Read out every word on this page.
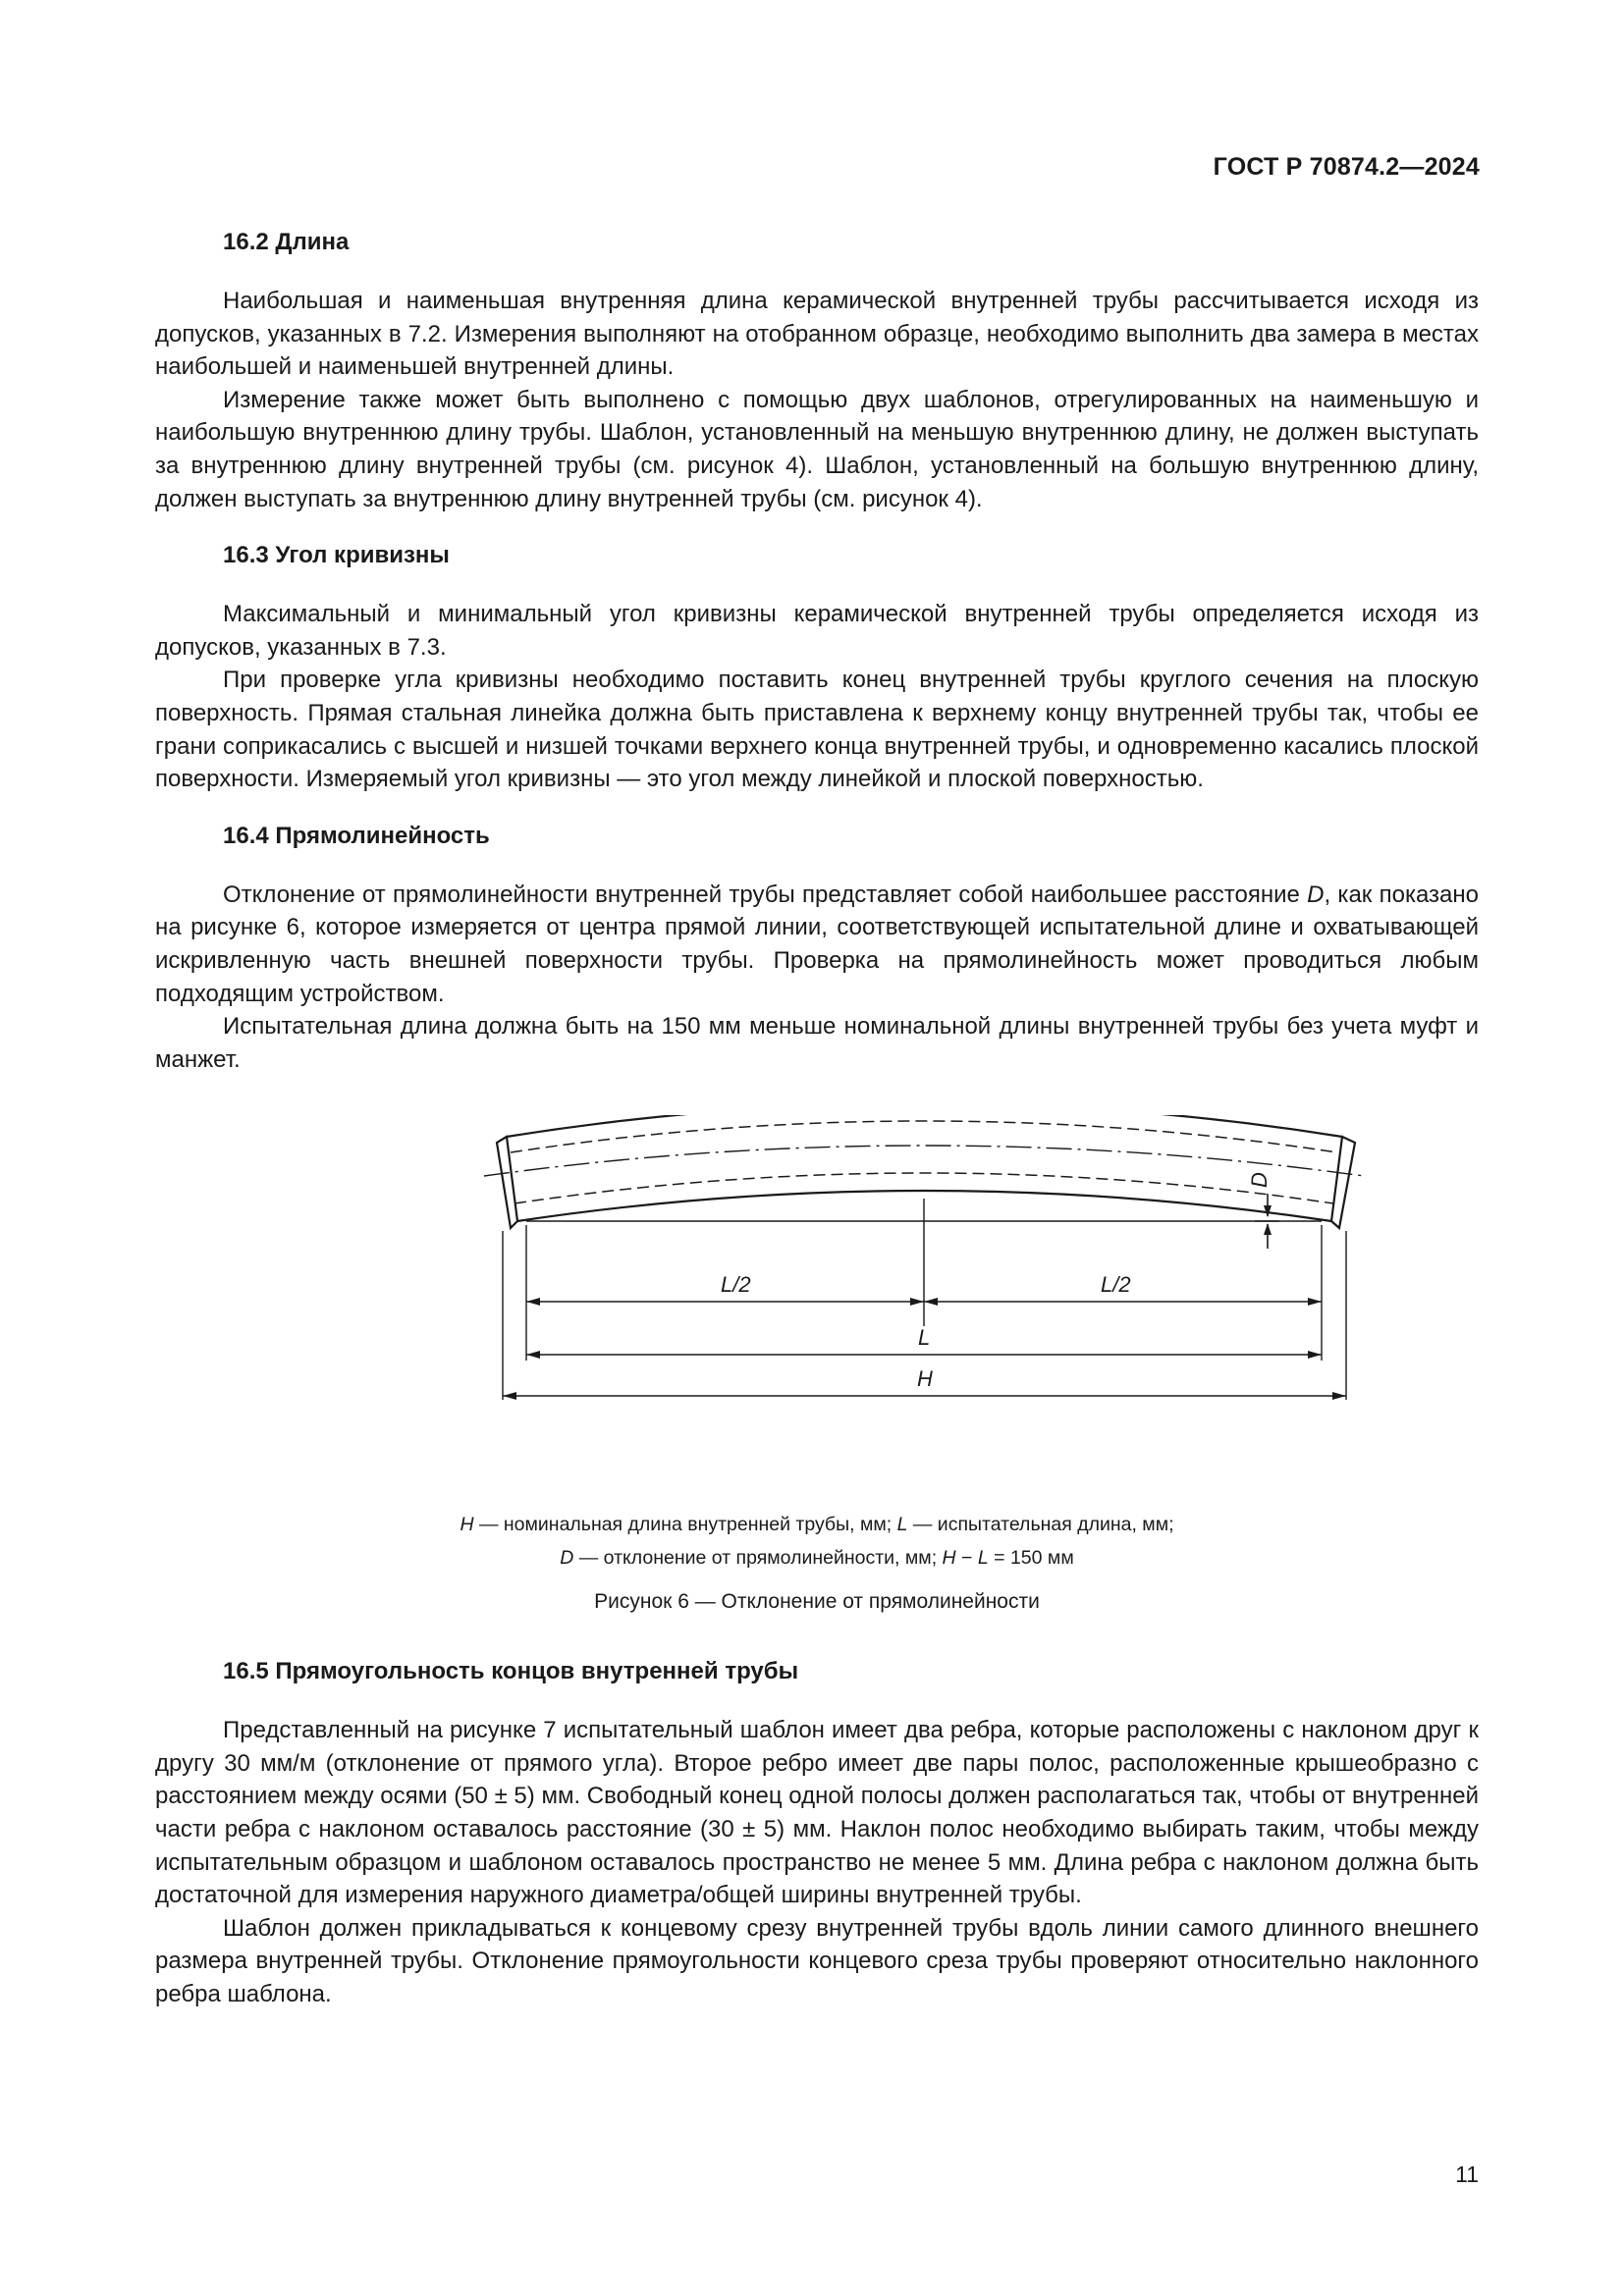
ГОСТ Р 70874.2—2024
16.2 Длина

Наибольшая и наименьшая внутренняя длина керамической внутренней трубы рассчитывается исходя из допусков, указанных в 7.2. Измерения выполняют на отобранном образце, необходимо выполнить два замера в местах наибольшей и наименьшей внутренней длины.

Измерение также может быть выполнено с помощью двух шаблонов, отрегулированных на наименьшую и наибольшую внутреннюю длину трубы. Шаблон, установленный на меньшую внутреннюю длину, не должен выступать за внутреннюю длину внутренней трубы (см. рисунок 4). Шаблон, установленный на большую внутреннюю длину, должен выступать за внутреннюю длину внутренней трубы (см. рисунок 4).

16.3 Угол кривизны

Максимальный и минимальный угол кривизны керамической внутренней трубы определяется исходя из допусков, указанных в 7.3.

При проверке угла кривизны необходимо поставить конец внутренней трубы круглого сечения на плоскую поверхность. Прямая стальная линейка должна быть приставлена к верхнему концу внутренней трубы так, чтобы ее грани соприкасались с высшей и низшей точками верхнего конца внутренней трубы, и одновременно касались плоской поверхности. Измеряемый угол кривизны — это угол между линейкой и плоской поверхностью.

16.4 Прямолинейность

Отклонение от прямолинейности внутренней трубы представляет собой наибольшее расстояние D, как показано на рисунке 6, которое измеряется от центра прямой линии, соответствующей испытательной длине и охватывающей искривленную часть внешней поверхности трубы. Проверка на прямолинейность может проводиться любым подходящим устройством.

Испытательная длина должна быть на 150 мм меньше номинальной длины внутренней трубы без учета муфт и манжет.

L/2	L/2
L
H
D
H — номинальная длина внутренней трубы, мм; L — испытательная длина, мм;
D — отклонение от прямолинейности, мм; H − L = 150 мм
Рисунок 6 — Отклонение от прямолинейности
16.5 Прямоугольность концов внутренней трубы

Представленный на рисунке 7 испытательный шаблон имеет два ребра, которые расположены с наклоном друг к другу 30 мм/м (отклонение от прямого угла). Второе ребро имеет две пары полос, расположенные крышеобразно с расстоянием между осями (50 ± 5) мм. Свободный конец одной полосы должен располагаться так, чтобы от внутренней части ребра с наклоном оставалось расстояние (30 ± 5) мм. Наклон полос необходимо выбирать таким, чтобы между испытательным образцом и шаблоном оставалось пространство не менее 5 мм. Длина ребра с наклоном должна быть достаточной для измерения наружного диаметра/общей ширины внутренней трубы.

Шаблон должен прикладываться к концевому срезу внутренней трубы вдоль линии самого длинного внешнего размера внутренней трубы. Отклонение прямоугольности концевого среза трубы проверяют относительно наклонного ребра шаблона.

11
